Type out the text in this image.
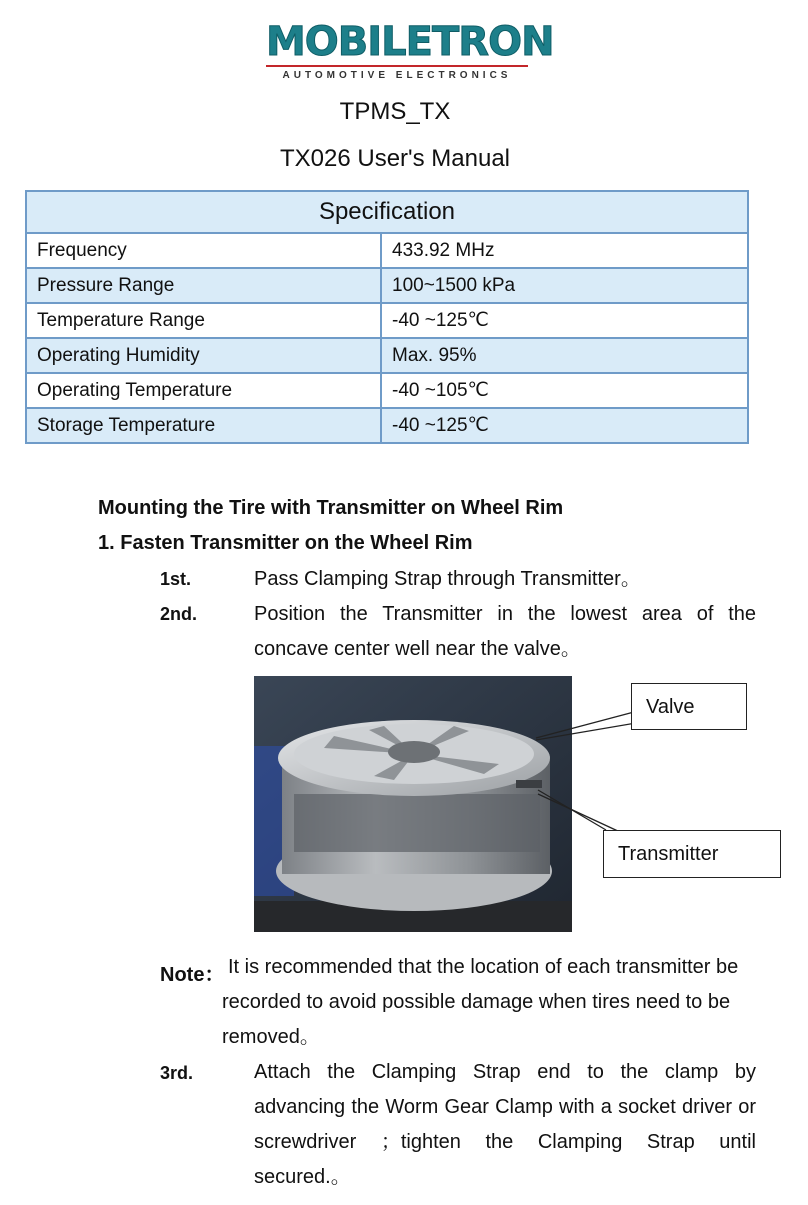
MOBILETRON
AUTOMOTIVE ELECTRONICS
TPMS_TX
TX026 User's Manual
Specification	
Frequency	433.92 MHz
Pressure Range	100~1500 kPa
Temperature Range	-40 ~125℃
Operating Humidity	Max. 95%
Operating Temperature	-40 ~105℃
Storage Temperature	-40 ~125℃
Mounting the Tire with Transmitter on Wheel Rim
1. Fasten Transmitter on the Wheel Rim
1st.	Pass Clamping Strap through Transmitter。
2nd.	Position the Transmitter in the lowest area of the concave center well near the valve。
Valve
Transmitter
Note： It is recommended that the location of each transmitter be recorded to avoid possible damage when tires need to be removed。
3rd.	Attach the Clamping Strap end to the clamp by advancing the Worm Gear Clamp with a socket driver or screwdriver ；tighten the Clamping Strap until secured.。
